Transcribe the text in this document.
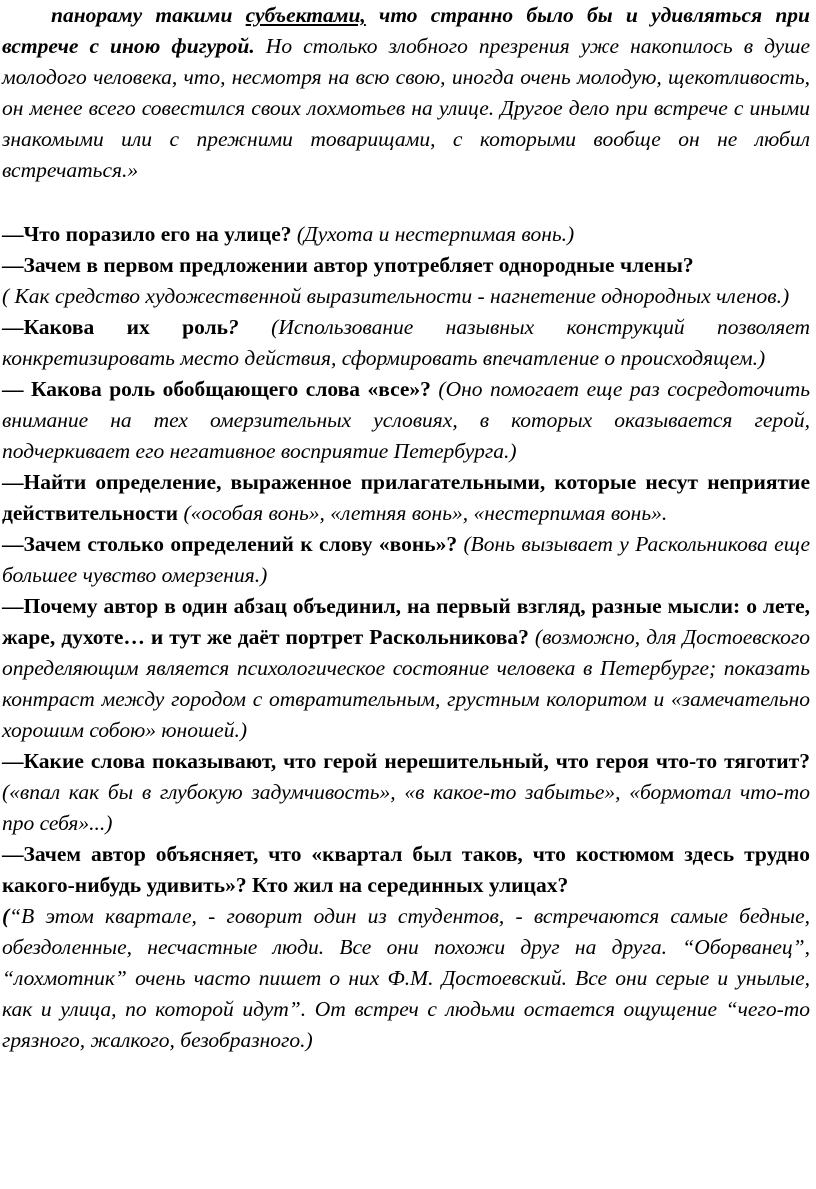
панораму такими субъектами, что странно было бы и удивляться при встрече с иною фигурой. Но столько злобного презрения уже накопилось в душе молодого человека, что, несмотря на всю свою, иногда очень молодую, щекотливость, он менее всего совестился своих лохмотьев на улице. Другое дело при встрече с иными знакомыми или с прежними товарищами, с которыми вообще он не любил встречаться.»

—Что поразило его на улице? (Духота и нестерпимая вонь.)

—Зачем в первом предложении автор употребляет однородные члены?
( Как средство художественной выразительности - нагнетение однородных членов.)

—Какова их роль? (Использование назывных конструкций позволяет конкретизировать место действия, сформировать впечатление о происходящем.)

— Какова роль обобщающего слова «все»? (Оно помогает еще раз сосредоточить внимание на тех омерзительных условиях, в которых оказывается герой, подчеркивает его негативное восприятие Петербурга.)

—Найти определение, выраженное прилагательными, которые несут неприятие действительности («особая вонь», «летняя вонь», «нестерпимая вонь».

—Зачем столько определений к слову «вонь»? (Вонь вызывает у Раскольникова еще большее чувство омерзения.)

—Почему автор в один абзац объединил, на первый взгляд, разные мысли: о лете, жаре, духоте… и тут же даёт портрет Раскольникова? (возможно, для Достоевского определяющим является психологическое состояние человека в Петербурге; показать контраст между городом с отвратительным, грустным колоритом и «замечательно хорошим собою» юношей.)

—Какие слова показывают, что герой нерешительный, что героя что-то тяготит? («впал как бы в глубокую задумчивость», «в какое-то забытье», «бормотал что-то про себя»...)

—Зачем автор объясняет, что «квартал был таков, что костюмом здесь трудно какого-нибудь удивить»? Кто жил на серединных улицах?
(“В этом квартале, - говорит один из студентов, - встречаются самые бедные, обездоленные, несчастные люди. Все они похожи друг на друга. “Оборванец”, “лохмотник” очень часто пишет о них Ф.М. Достоевский. Все они серые и унылые, как и улица, по которой идут”. От встреч с людьми остается ощущение “чего-то грязного, жалкого, безобразного.)
